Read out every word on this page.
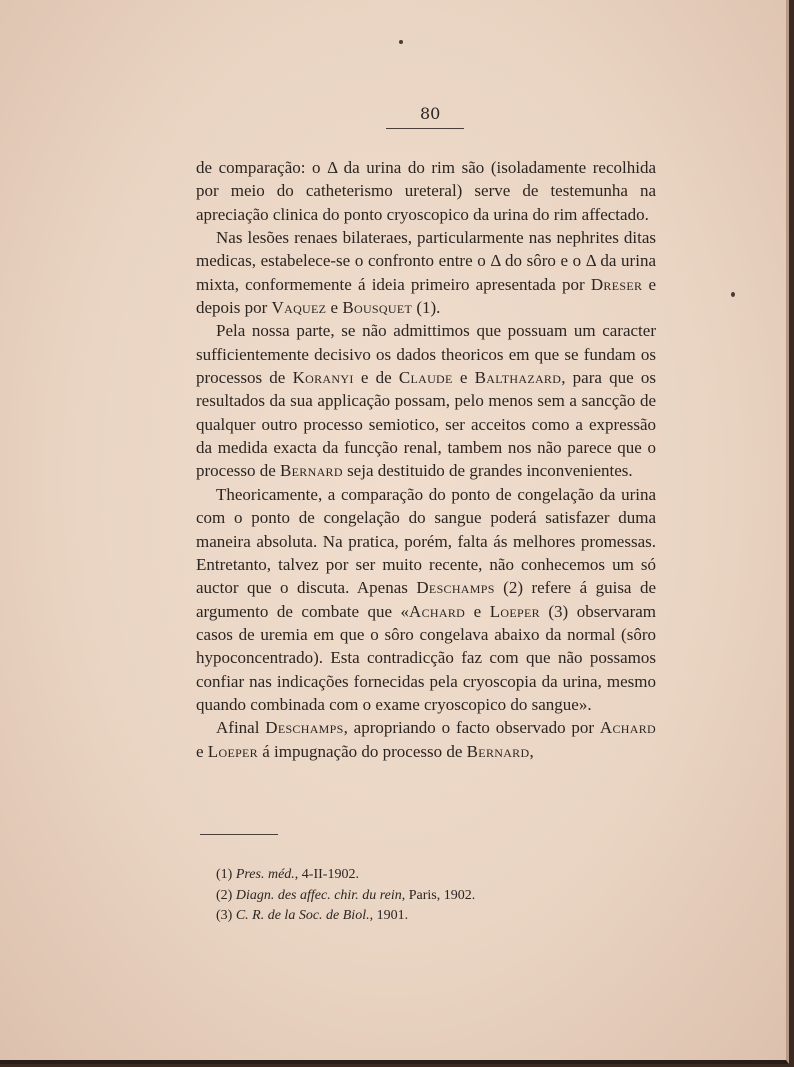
80

de comparação: o Δ da urina do rim são (isoladamente recolhida por meio do catheterismo ureteral) serve de testemunha na apreciação clinica do ponto cryoscopico da urina do rim affectado.

Nas lesões renaes bilateraes, particularmente nas nephrites ditas medicas, estabelece-se o confronto entre o Δ do sôro e o Δ da urina mixta, conformemente á ideia primeiro apresentada por Dreser e depois por Vaquez e Bousquet (1).

Pela nossa parte, se não admittimos que possuam um caracter sufficientemente decisivo os dados theoricos em que se fundam os processos de Koranyi e de Claude e Balthazard, para que os resultados da sua applicação possam, pelo menos sem a sancção de qualquer outro processo semiotico, ser acceitos como a expressão da medida exacta da funcção renal, tambem nos não parece que o processo de Bernard seja destituido de grandes inconvenientes.

Theoricamente, a comparação do ponto de congelação da urina com o ponto de congelação do sangue poderá satisfazer duma maneira absoluta. Na pratica, porém, falta ás melhores promessas. Entretanto, talvez por ser muito recente, não conhecemos um só auctor que o discuta. Apenas Deschamps (2) refere á guisa de argumento de combate que «Achard e Loeper (3) observaram casos de uremia em que o sôro congelava abaixo da normal (sôro hypoconcentrado). Esta contradicção faz com que não possamos confiar nas indicações fornecidas pela cryoscopia da urina, mesmo quando combinada com o exame cryoscopico do sangue».

Afinal Deschamps, apropriando o facto observado por Achard e Loeper á impugnação do processo de Bernard,

(1) Pres. méd., 4-II-1902.
(2) Diagn. des affec. chir. du rein, Paris, 1902.
(3) C. R. de la Soc. de Biol., 1901.
